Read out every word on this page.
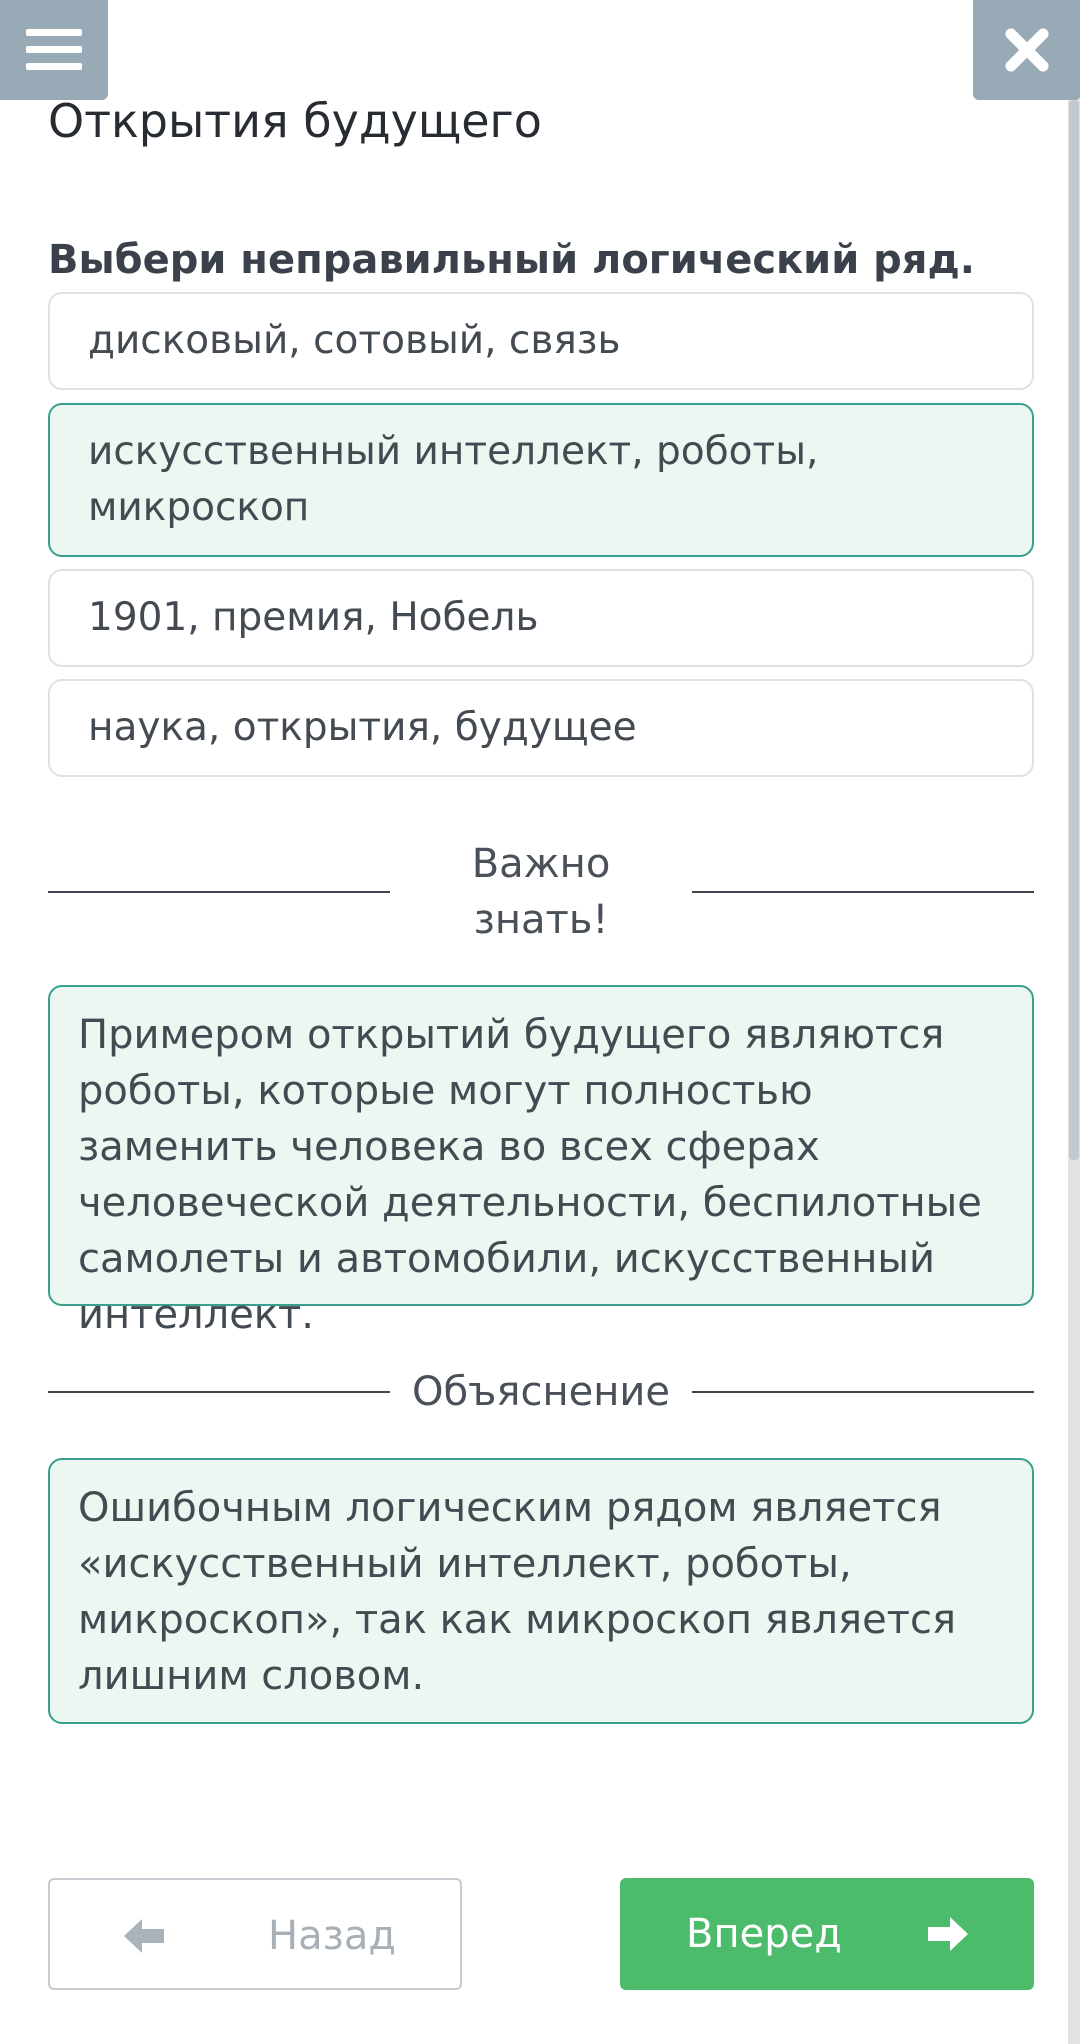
Открытия будущего
Выбери неправильный логический ряд.
дисковый, сотовый, связь
искусственный интеллект, роботы, микроскоп
1901, премия, Нобель
наука, открытия, будущее
Важно знать!
Примером открытий будущего являются роботы, которые могут полностью заменить человека во всех сферах человеческой деятельности, беспилотные самолеты и автомобили, искусственный интеллект.
Объяснение
Ошибочным логическим рядом является «искусственный интеллект, роботы, микроскоп», так как микроскоп является лишним словом.
Назад	Вперед
